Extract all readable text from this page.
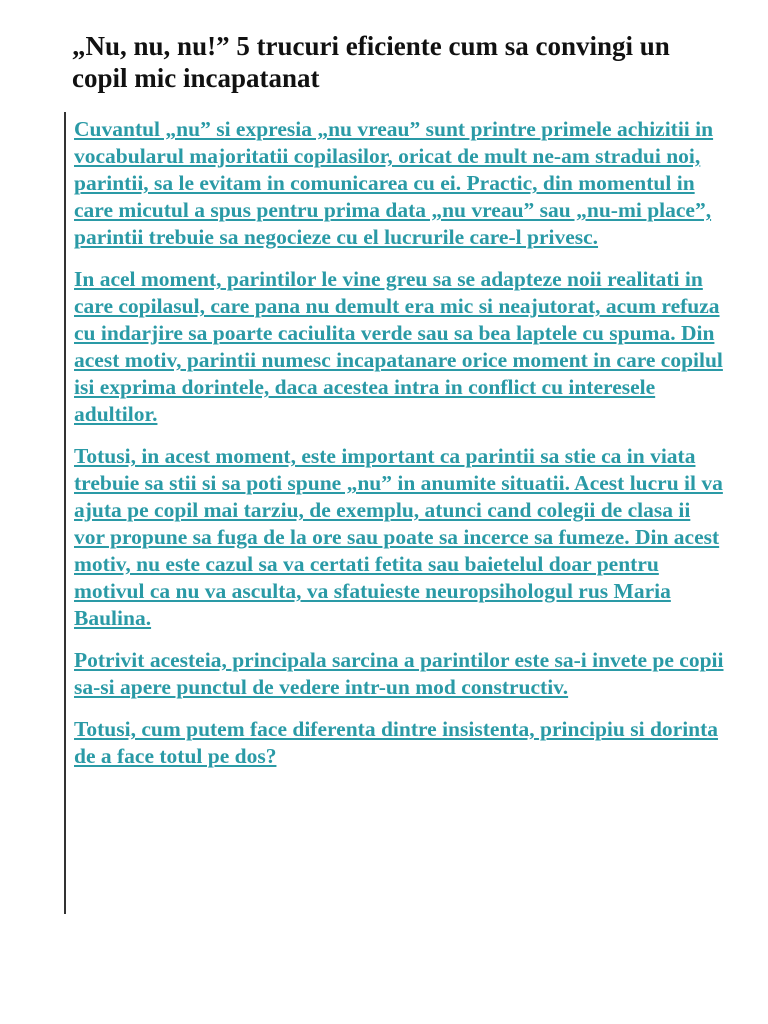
„Nu, nu, nu!” 5 trucuri eficiente cum sa convingi un copil mic incapatanat

Cuvantul „nu” si expresia „nu vreau” sunt printre primele achizitii in vocabularul majoritatii copilasilor, oricat de mult ne-am stradui noi, parintii, sa le evitam in comunicarea cu ei. Practic, din momentul in care micutul a spus pentru prima data „nu vreau” sau „nu-mi place”, parintii trebuie sa negocieze cu el lucrurile care-l privesc.

In acel moment, parintilor le vine greu sa se adapteze noii realitati in care copilasul, care pana nu demult era mic si neajutorat, acum refuza cu indarjire sa poarte caciulita verde sau sa bea laptele cu spuma. Din acest motiv, parintii numesc incapatanare orice moment in care copilul isi exprima dorintele, daca acestea intra in conflict cu interesele adultilor.

Totusi, in acest moment, este important ca parintii sa stie ca in viata trebuie sa stii si sa poti spune „nu” in anumite situatii. Acest lucru il va ajuta pe copil mai tarziu, de exemplu, atunci cand colegii de clasa ii vor propune sa fuga de la ore sau poate sa incerce sa fumeze. Din acest motiv, nu este cazul sa va certati fetita sau baietelul doar pentru motivul ca nu va asculta, va sfatuieste neuropsihologul rus Maria Baulina.

Potrivit acesteia, principala sarcina a parintilor este sa-i invete pe copii sa-si apere punctul de vedere intr-un mod constructiv.

Totusi, cum putem face diferenta dintre insistenta, principiu si dorinta de a face totul pe dos?
